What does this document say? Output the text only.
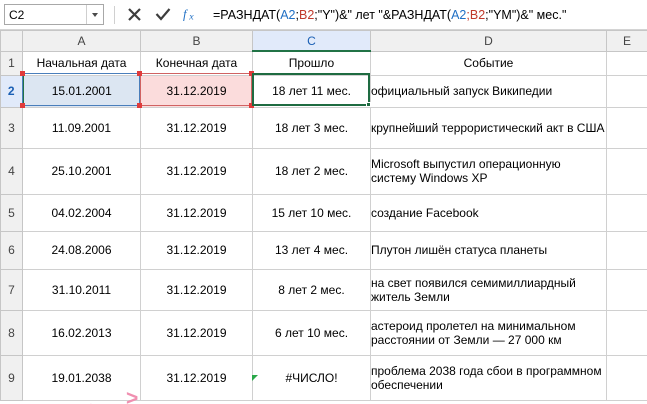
C2	f x =РАЗНДАТ( A2 ; B2 ;"Y")&" лет "&РАЗНДАТ( A2 ; B2 ;"YM")&" мес."
	A	B	C	D	E
1	Начальная дата	Конечная дата	Прошло	Событие	
2	15.01.2001	31.12.2019	18 лет 11 мес.	официальный запуск Википедии	
3	11.09.2001	31.12.2019	18 лет 3 мес.	крупнейший террористический акт в США	
4	25.10.2001	31.12.2019	18 лет 2 мес.	Microsoft выпустил операционную систему Windows XP	
5	04.02.2004	31.12.2019	15 лет 10 мес.	создание Facebook	
6	24.08.2006	31.12.2019	13 лет 4 мес.	Плутон лишён статуса планеты	
7	31.10.2011	31.12.2019	8 лет 2 мес.	на свет появился семимиллиардный житель Земли	
8	16.02.2013	31.12.2019	6 лет 10 мес.	астероид пролетел на минимальном расстоянии от Земли — 27 000 км	
9	19.01.2038	31.12.2019	#ЧИСЛО!	проблема 2038 года сбои в программном обеспечении	
>
